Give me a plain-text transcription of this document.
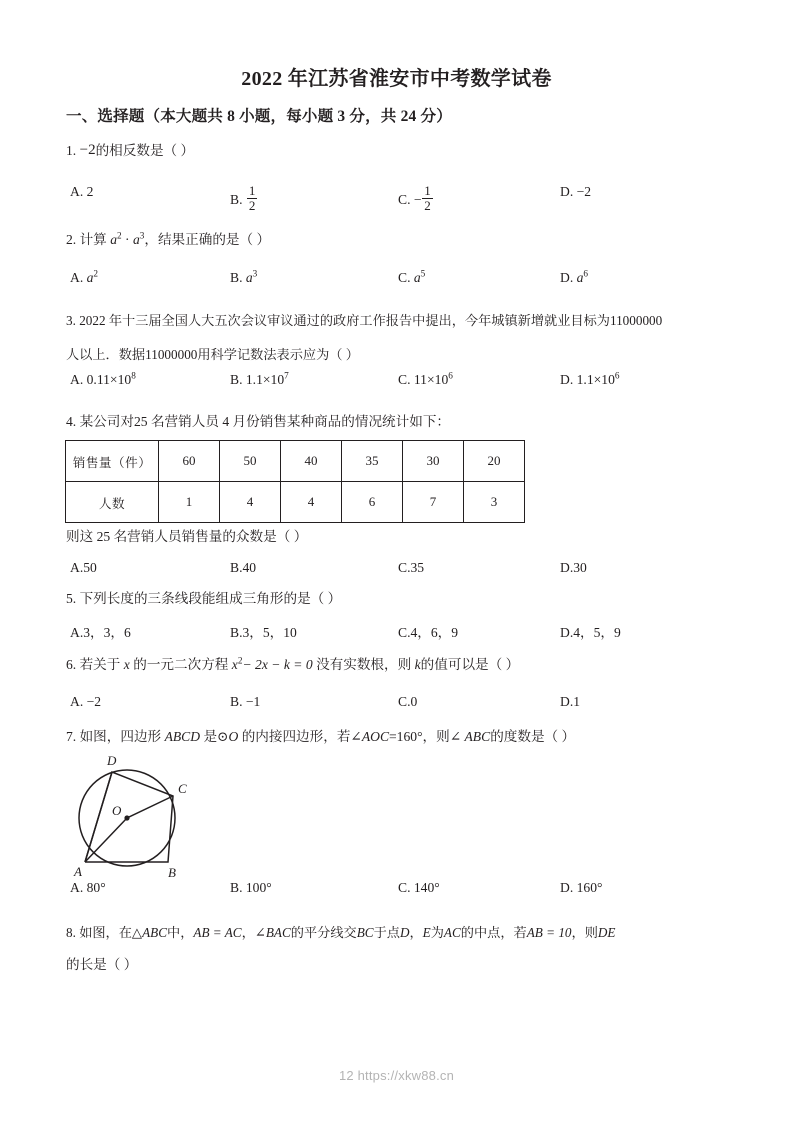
2022 年江苏省淮安市中考数学试卷
一、选择题（本大题共 8 小题，每小题 3 分，共 24 分）
1. −2的相反数是（ ）
A. 2
B. $\frac{1}{2}$	C. − $\frac{1}{2}$	D. −2
2. 计算 $a^2 \cdot a^3$，结果正确的是（ ）
A. $a^2$	B. $a^3$	C. $a^5$	D. $a^6$
3. 2022 年十三届全国人大五次会议审议通过的政府工作报告中提出，今年城镇新增就业目标为11000000
人以上．数据11000000用科学记数法表示应为（ ）
A. $0.11\times 10^8$	B. $1.1\times 10^7$	C. $11\times 10^6$	D. $1.1\times 10^6$
4. 某公司对25 名营销人员 4 月份销售某种商品的情况统计如下：
销售量（件）	60	50	40	35	30	20
人数	1	4	4	6	7	3
则这 25 名营销人员销售量的众数是（ ）
A.50	B.40	C.35	D.30
5. 下列长度的三条线段能组成三角形的是（ ）
A.3，3，6	B.3，5，10	C.4，6，9	D.4，5，9
6. 若关于 x 的一元二次方程 $x^2- 2x - k = 0$ 没有实数根，则 k的值可以是（ ）
A. −2	B. −1	C.0	D.1
7. 如图，四边形 ABCD 是⊙O 的内接四边形，若∠AOC=160°，则∠ ABC的度数是（ ）
D
C
O
A	B
A. 80°	B. 100°	C. 140°	D. 160°
8. 如图，在△ABC中，AB = AC，∠BAC的平分线交BC于点D，E为AC的中点，若AB = 10，则DE
的长是（ ）
12 https://xkw88.cn
